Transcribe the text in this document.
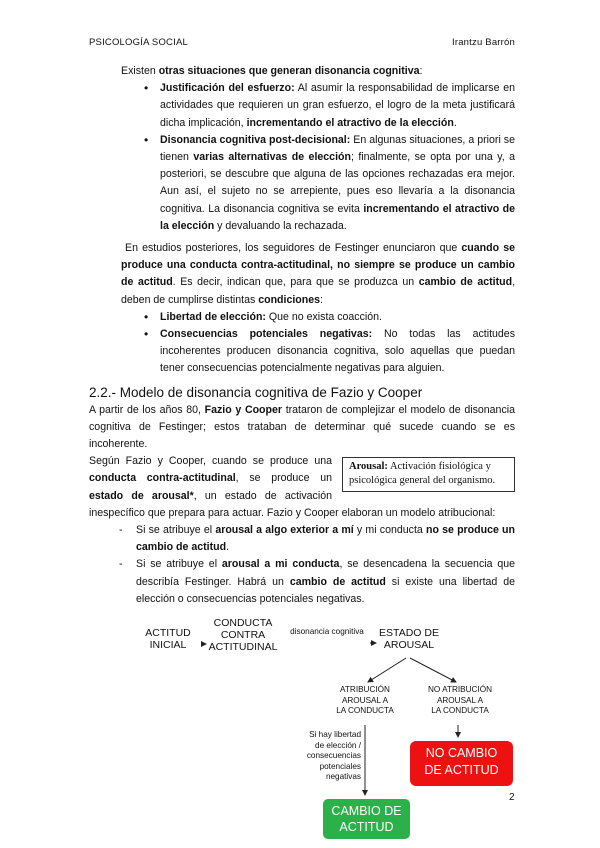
PSICOLOGÍA SOCIAL	Irantzu Barrón

Existen otras situaciones que generan disonancia cognitiva:

• Justificación del esfuerzo: Al asumir la responsabilidad de implicarse en actividades que requieren un gran esfuerzo, el logro de la meta justificará dicha implicación, incrementando el atractivo de la elección.
• Disonancia cognitiva post-decisional: En algunas situaciones, a priori se tienen varias alternativas de elección; finalmente, se opta por una y, a posteriori, se descubre que alguna de las opciones rechazadas era mejor. Aun así, el sujeto no se arrepiente, pues eso llevaría a la disonancia cognitiva. La disonancia cognitiva se evita incrementando el atractivo de la elección y devaluando la rechazada.

En estudios posteriores, los seguidores de Festinger enunciaron que cuando se produce una conducta contra-actitudinal, no siempre se produce un cambio de actitud. Es decir, indican que, para que se produzca un cambio de actitud, deben de cumplirse distintas condiciones:

• Libertad de elección: Que no exista coacción.
• Consecuencias potenciales negativas: No todas las actitudes incoherentes producen disonancia cognitiva, solo aquellas que puedan tener consecuencias potencialmente negativas para alguien.
2.2.- Modelo de disonancia cognitiva de Fazio y Cooper

A partir de los años 80, Fazio y Cooper trataron de complejizar el modelo de disonancia cognitiva de Festinger; estos trataban de determinar qué sucede cuando se es incoherente.

Arousal: Activación fisiológica y psicológica general del organismo.

Según Fazio y Cooper, cuando se produce una conducta contra-actitudinal, se produce un estado de arousal*, un estado de activación inespecífico que prepara para actuar. Fazio y Cooper elaboran un modelo atribucional:

- Si se atribuye el arousal a algo exterior a mí y mi conducta no se produce un cambio de actitud.
- Si se atribuye el arousal a mi conducta, se desencadena la secuencia que describía Festinger. Habrá un cambio de actitud si existe una libertad de elección o consecuencias potenciales negativas.
ACTITUD
INICIAL
CONDUCTA
CONTRA
ACTITUDINAL
disonancia cognitiva	ESTADO DE
AROUSAL
ATRIBUCIÓN
AROUSAL A
LA CONDUCTA
NO ATRIBUCIÓN
AROUSAL A
LA CONDUCTA
Si hay libertad
de elección /
consecuencias
potenciales
negativas
NO CAMBIO
DE ACTITUD
CAMBIO DE
ACTITUD
2
